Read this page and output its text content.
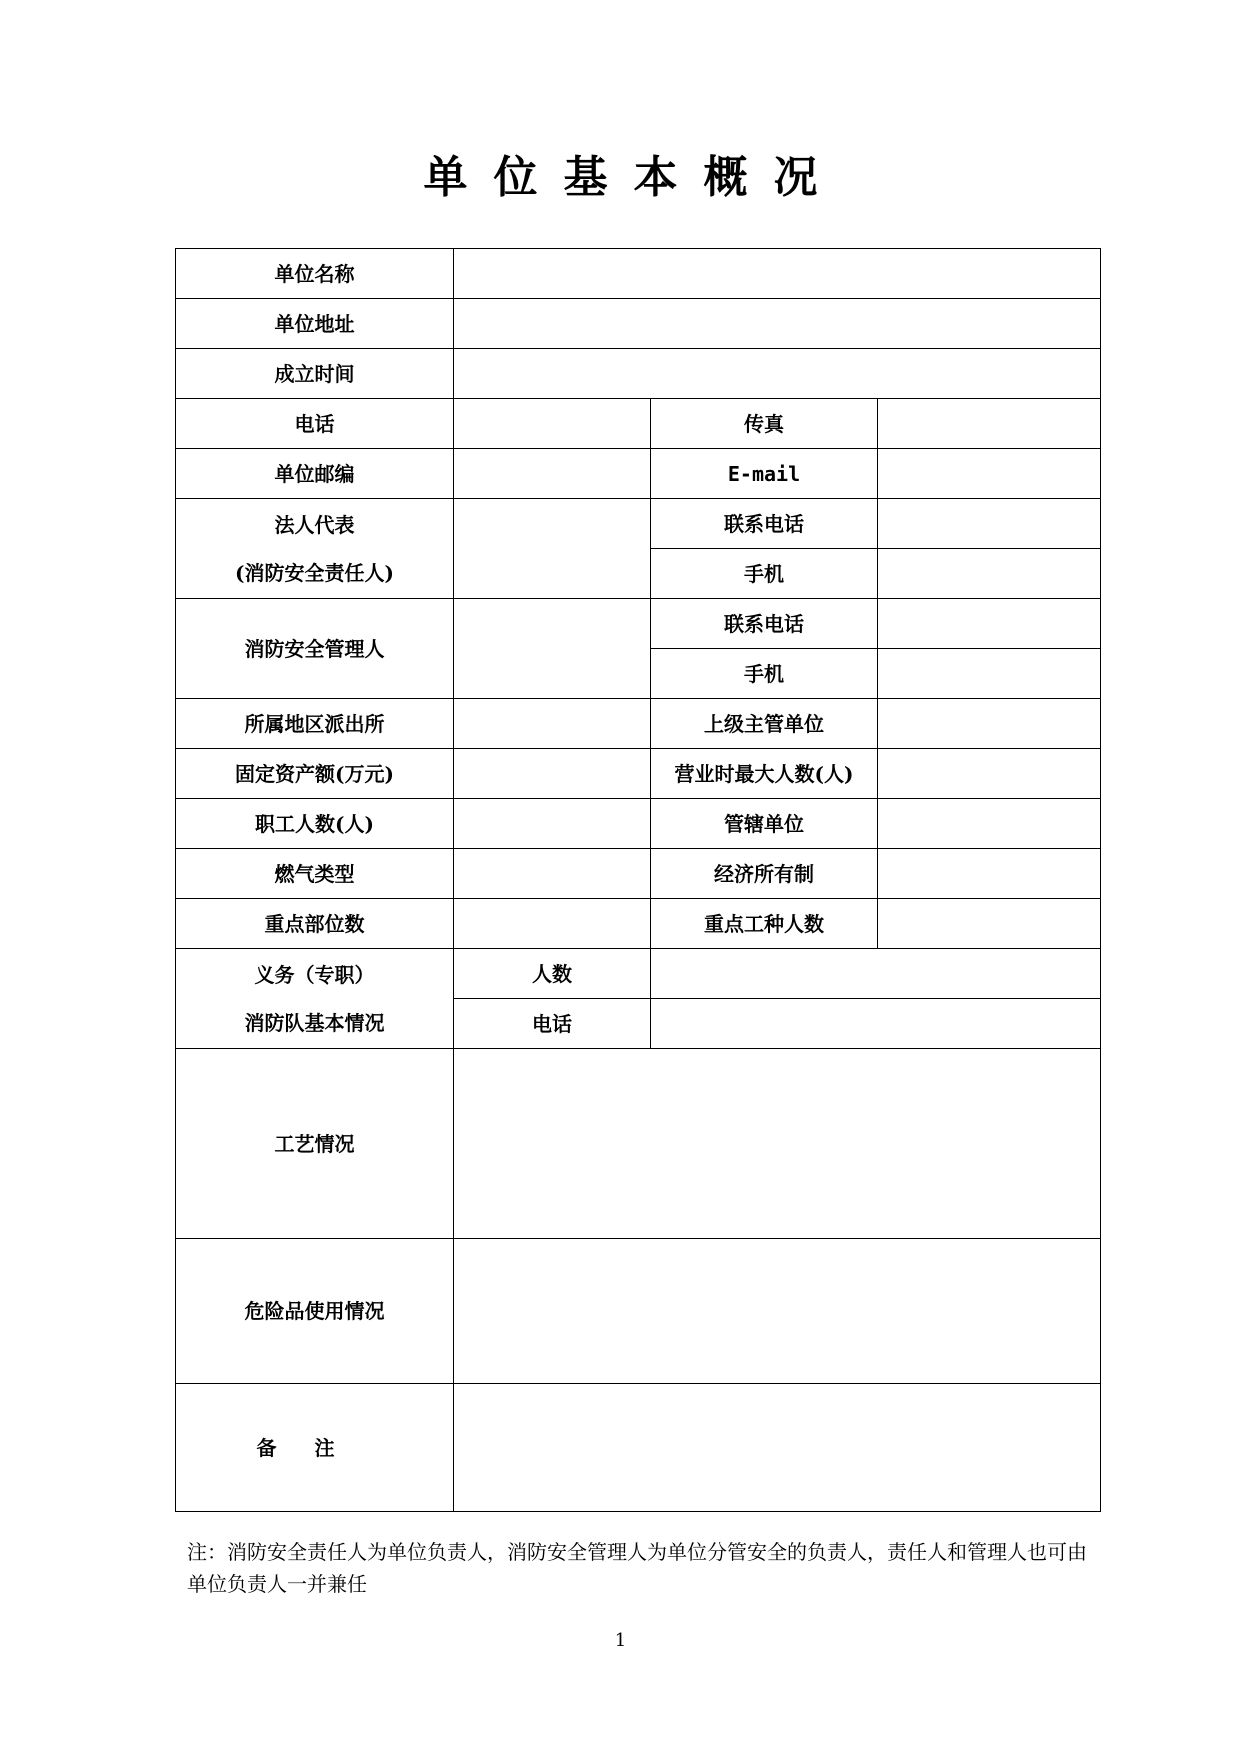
单位基本概况
单位名称			
单位地址			
成立时间			
电话		传真	
单位邮编		E-mail	

法人代表
(消防安全责任人)		联系电话	
		手机	
消防安全管理人		联系电话	
		手机	
所属地区派出所		上级主管单位	
固定资产额(万元)		营业时最大人数(人)	
职工人数(人)		管辖单位	
燃气类型		经济所有制	
重点部位数		重点工种人数	

义务（专职）
消防队基本情况	人数		
	电话		
工艺情况			
危险品使用情况			
备注			
注：消防安全责任人为单位负责人，消防安全管理人为单位分管安全的负责人，责任人和管理人也可由单位负责人一并兼任
1
